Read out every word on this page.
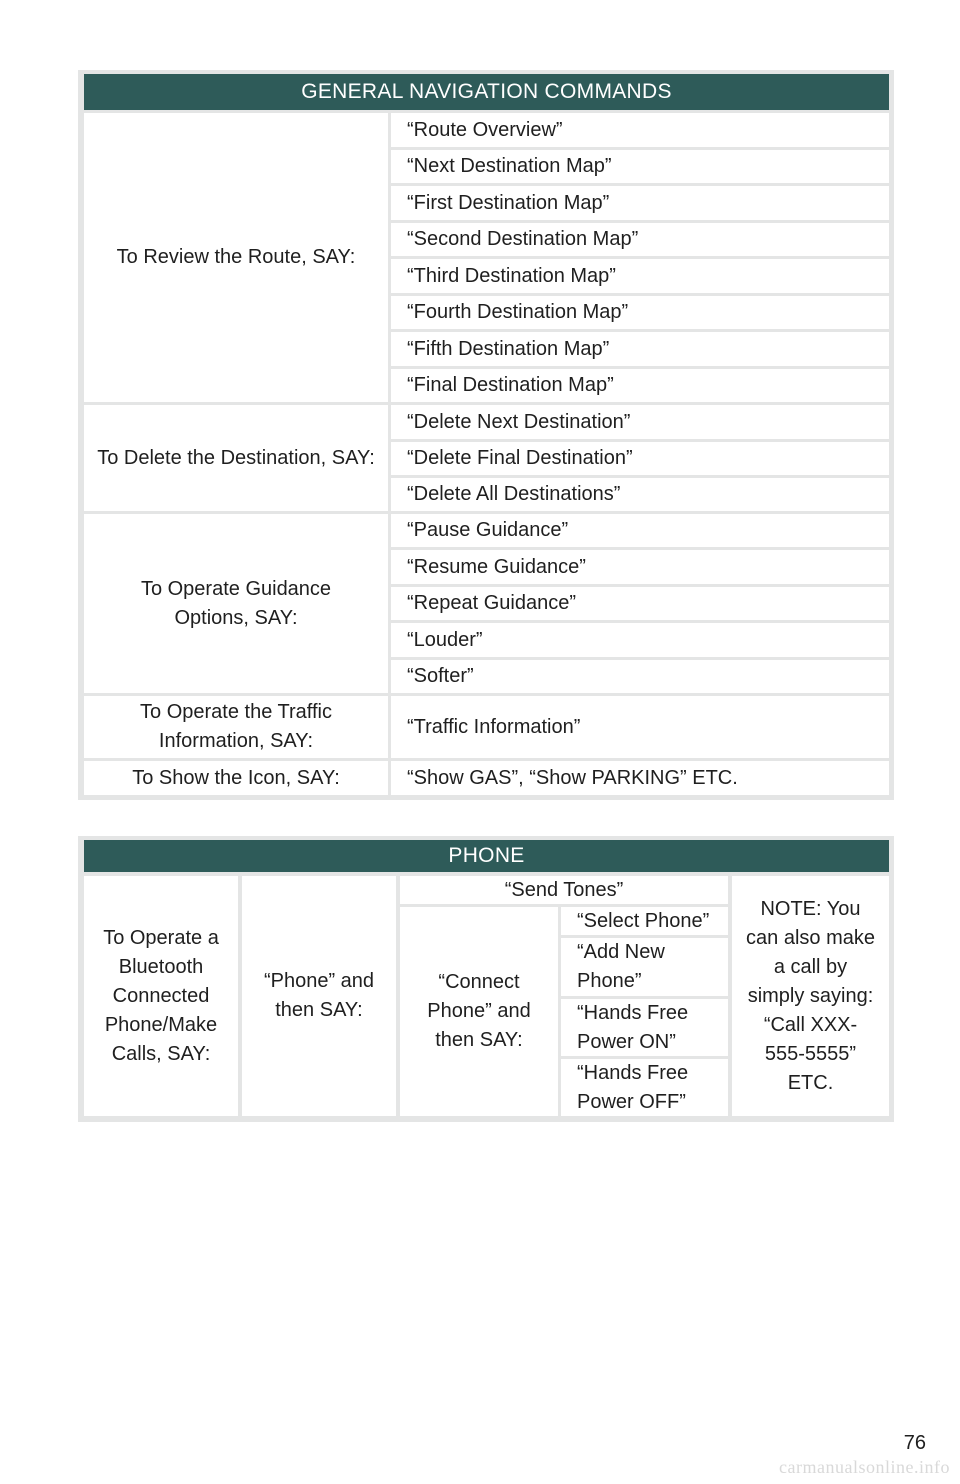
GENERAL NAVIGATION COMMANDS
To Review the Route, SAY:
“Route Overview”
“Next Destination Map”
“First Destination Map”
“Second Destination Map”
“Third Destination Map”
“Fourth Destination Map”
“Fifth Destination Map”
“Final Destination Map”
To Delete the Destination, SAY:
“Delete Next Destination”
“Delete Final Destination”
“Delete All Destinations”
To Operate Guidance Options, SAY:
“Pause Guidance”
“Resume Guidance”
“Repeat Guidance”
“Louder”
“Softer”
To Operate the Traffic Information, SAY:
“Traffic Information”
To Show the Icon, SAY:	“Show GAS”, “Show PARKING” ETC.
PHONE
To Operate a Bluetooth Connected Phone/Make Calls, SAY:
“Phone” and then SAY:
“Send Tones”
“Connect Phone” and then SAY:
“Select Phone”
“Add New Phone”
“Hands Free Power ON”
“Hands Free Power OFF”
NOTE: You can also make a call by simply saying: “Call XXX-555-5555” ETC.
76
carmanualsonline.info
